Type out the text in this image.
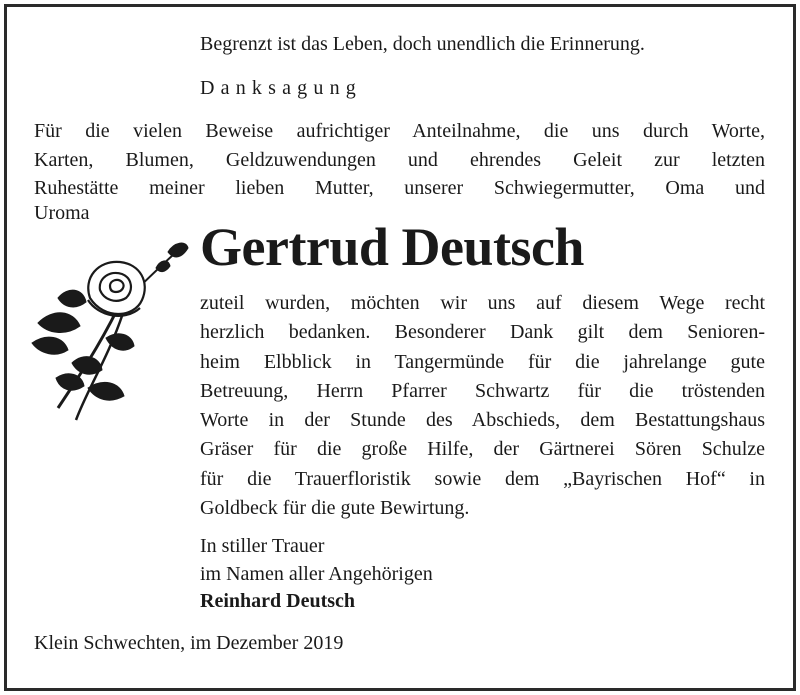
Begrenzt ist das Leben, doch unendlich die Erinnerung.
Danksagung
Für die vielen Beweise aufrichtiger Anteilnahme, die uns durch Worte,
Karten, Blumen, Geldzuwendungen und ehrendes Geleit zur letzten
Ruhestätte meiner lieben Mutter, unserer Schwiegermutter, Oma und
Uroma
Gertrud Deutsch
zuteil wurden, möchten wir uns auf diesem Wege recht
herzlich bedanken. Besonderer Dank gilt dem Senioren-
heim Elbblick in Tangermünde für die jahrelange gute
Betreuung, Herrn Pfarrer Schwartz für die tröstenden
Worte in der Stunde des Abschieds, dem Bestattungshaus
Gräser für die große Hilfe, der Gärtnerei Sören Schulze
für die Trauerfloristik sowie dem „Bayrischen Hof“ in
Goldbeck für die gute Bewirtung.
In stiller Trauer
im Namen aller Angehörigen
Reinhard Deutsch
Klein Schwechten, im Dezember 2019
